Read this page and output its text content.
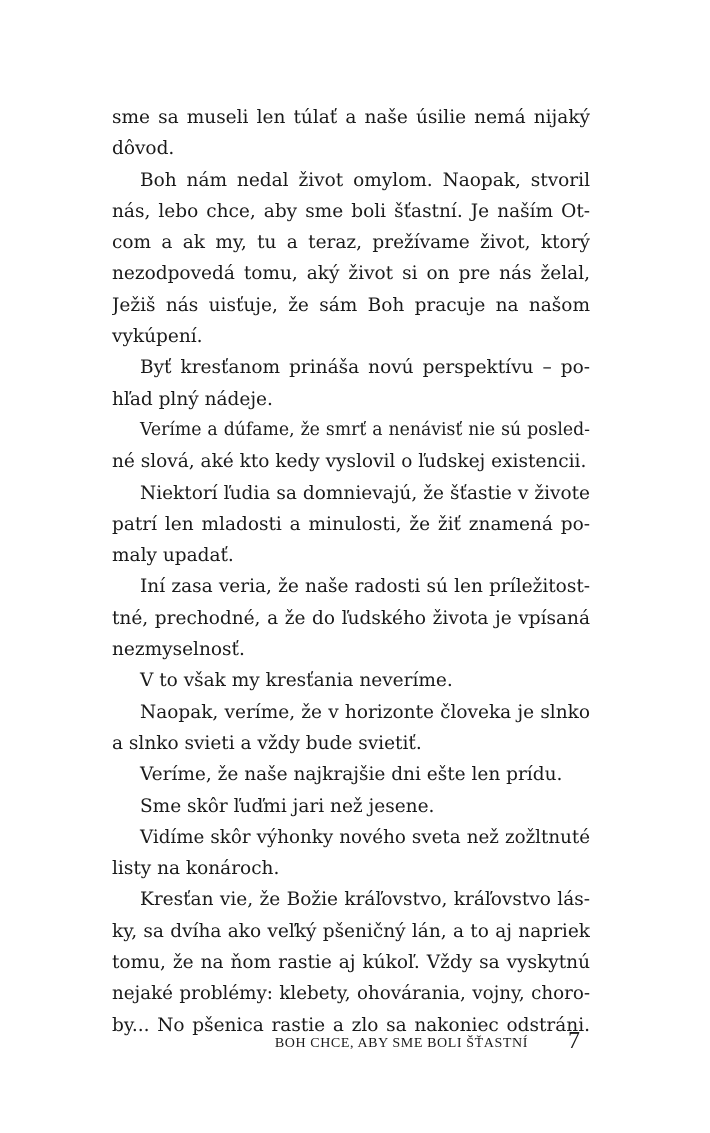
sme sa museli len túlať a naše úsilie nemá nijaký
dôvod.
Boh nám nedal život omylom. Naopak, stvoril
nás, lebo chce, aby sme boli šťastní. Je naším Ot-
com a ak my, tu a teraz, prežívame život, ktorý
nezodpovedá tomu, aký život si on pre nás želal,
Ježiš nás uisťuje, že sám Boh pracuje na našom
vykúpení.
Byť kresťanom prináša novú perspektívu – po-
hľad plný nádeje.
Veríme a dúfame, že smrť a nenávisť nie sú posled-
né slová, aké kto kedy vyslovil o ľudskej existencii.
Niektorí ľudia sa domnievajú, že šťastie v živote
patrí len mladosti a minulosti, že žiť znamená po-
maly upadať.
Iní zasa veria, že naše radosti sú len príležitost-
tné, prechodné, a že do ľudského života je vpísaná
nezmyselnosť.
V to však my kresťania neveríme.
Naopak, veríme, že v horizonte človeka je slnko
a slnko svieti a vždy bude svietiť.
Veríme, že naše najkrajšie dni ešte len prídu.
Sme skôr ľuďmi jari než jesene.
Vidíme skôr výhonky nového sveta než zožltnuté
listy na konároch.
Kresťan vie, že Božie kráľovstvo, kráľovstvo lás-
ky, sa dvíha ako veľký pšeničný lán, a to aj napriek
tomu, že na ňom rastie aj kúkoľ. Vždy sa vyskytnú
nejaké problémy: klebety, ohovárania, vojny, choro-
by... No pšenica rastie a zlo sa nakoniec odstráni.
BOH CHCE, ABY SME BOLI ŠŤASTNÍ 7
